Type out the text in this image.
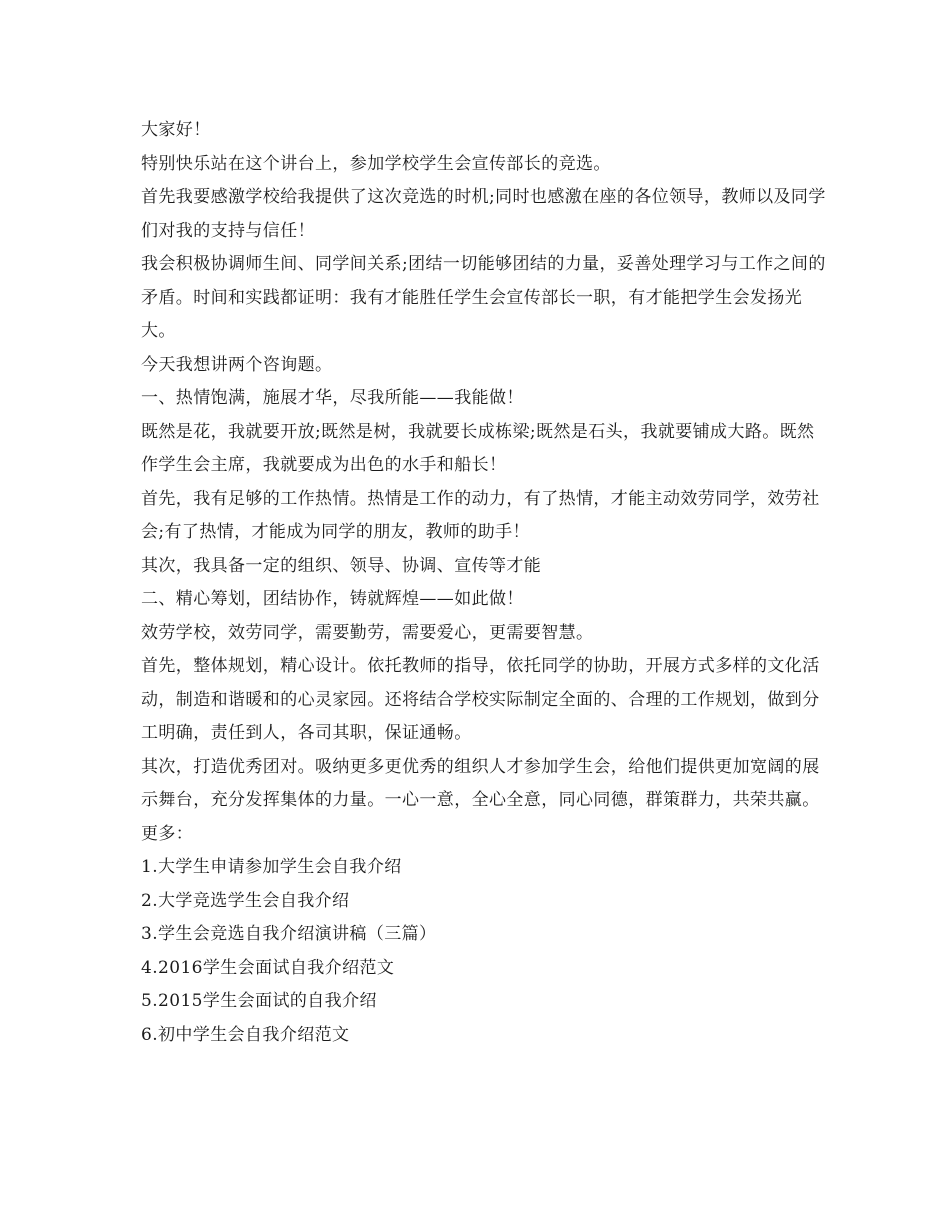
大家好！

特别快乐站在这个讲台上，参加学校学生会宣传部长的竞选。

首先我要感激学校给我提供了这次竞选的时机;同时也感激在座的各位领导，教师以及同学们对我的支持与信任！

我会积极协调师生间、同学间关系;团结一切能够团结的力量，妥善处理学习与工作之间的矛盾。时间和实践都证明：我有才能胜任学生会宣传部长一职，有才能把学生会发扬光大。

今天我想讲两个咨询题。

一、热情饱满，施展才华，尽我所能——我能做！

既然是花，我就要开放;既然是树，我就要长成栋梁;既然是石头，我就要铺成大路。既然作学生会主席，我就要成为出色的水手和船长！

首先，我有足够的工作热情。热情是工作的动力，有了热情，才能主动效劳同学，效劳社会;有了热情，才能成为同学的朋友，教师的助手！

其次，我具备一定的组织、领导、协调、宣传等才能

二、精心筹划，团结协作，铸就辉煌——如此做！

效劳学校，效劳同学，需要勤劳，需要爱心，更需要智慧。

首先，整体规划，精心设计。依托教师的指导，依托同学的协助，开展方式多样的文化活动，制造和谐暖和的心灵家园。还将结合学校实际制定全面的、合理的工作规划，做到分工明确，责任到人，各司其职，保证通畅。

其次，打造优秀团对。吸纳更多更优秀的组织人才参加学生会，给他们提供更加宽阔的展示舞台，充分发挥集体的力量。一心一意，全心全意，同心同德，群策群力，共荣共赢。

更多：

1.大学生申请参加学生会自我介绍
2.大学竞选学生会自我介绍
3.学生会竞选自我介绍演讲稿（三篇）
4.2016学生会面试自我介绍范文
5.2015学生会面试的自我介绍
6.初中学生会自我介绍范文
